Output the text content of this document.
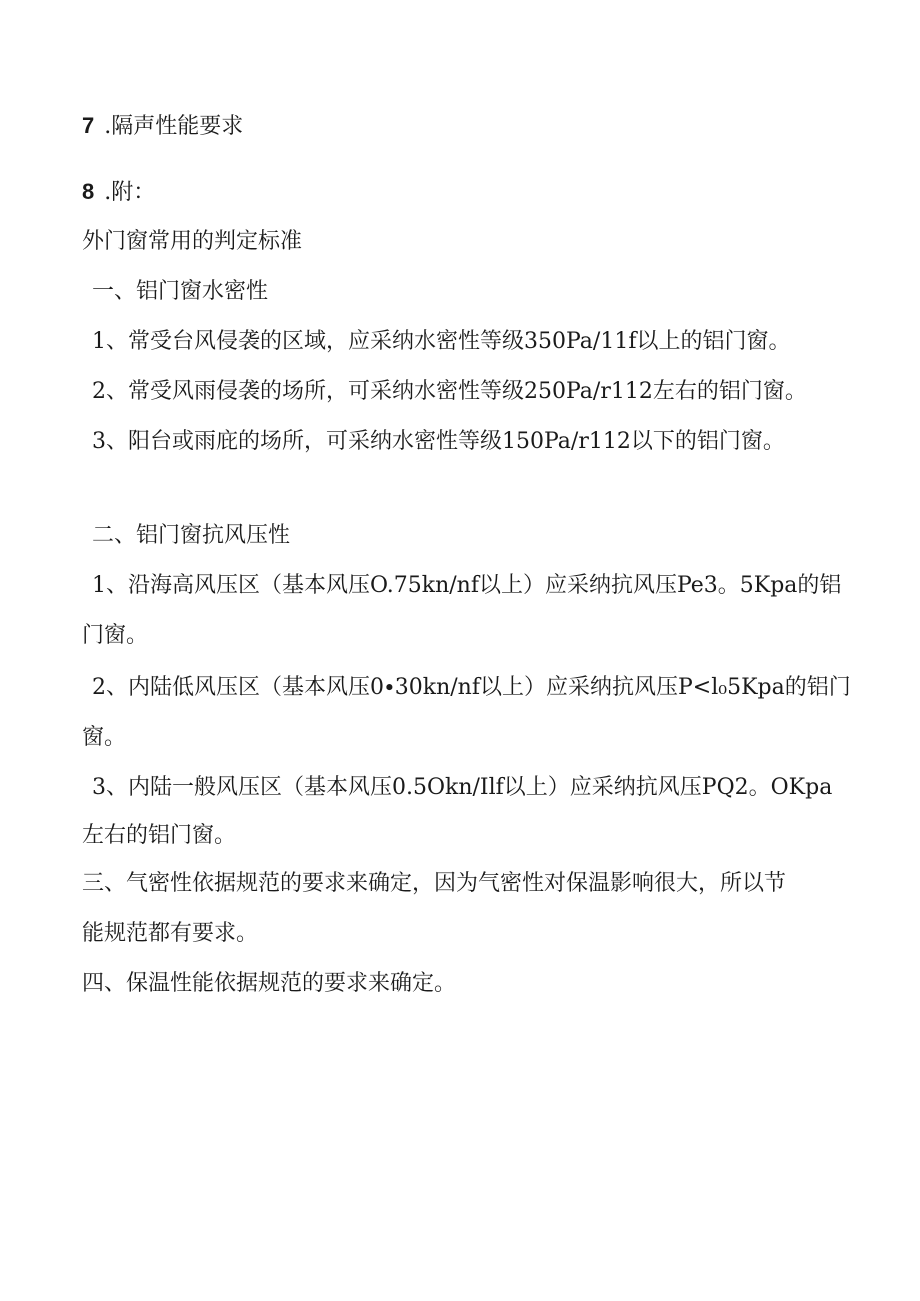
7 .隔声性能要求
8 .附：
外门窗常用的判定标准
一、铝门窗水密性
1、常受台风侵袭的区域，应采纳水密性等级350Pa/11f以上的铝门窗。
2、常受风雨侵袭的场所，可采纳水密性等级250Pa/r112左右的铝门窗。
3、阳台或雨庇的场所，可采纳水密性等级150Pa/r112以下的铝门窗。
二、铝门窗抗风压性
1、沿海高风压区（基本风压O.75kn/nf以上）应采纳抗风压Pe3。5Kpa的铝
门窗。
2、内陆低风压区（基本风压0∙30kn/nf以上）应采纳抗风压P<l₀5Kpa的铝门
窗。
3、内陆一般风压区（基本风压0.5Okn/Ilf以上）应采纳抗风压PQ2。OKpa
左右的铝门窗。
三、气密性依据规范的要求来确定，因为气密性对保温影响很大，所以节
能规范都有要求。
四、保温性能依据规范的要求来确定。
